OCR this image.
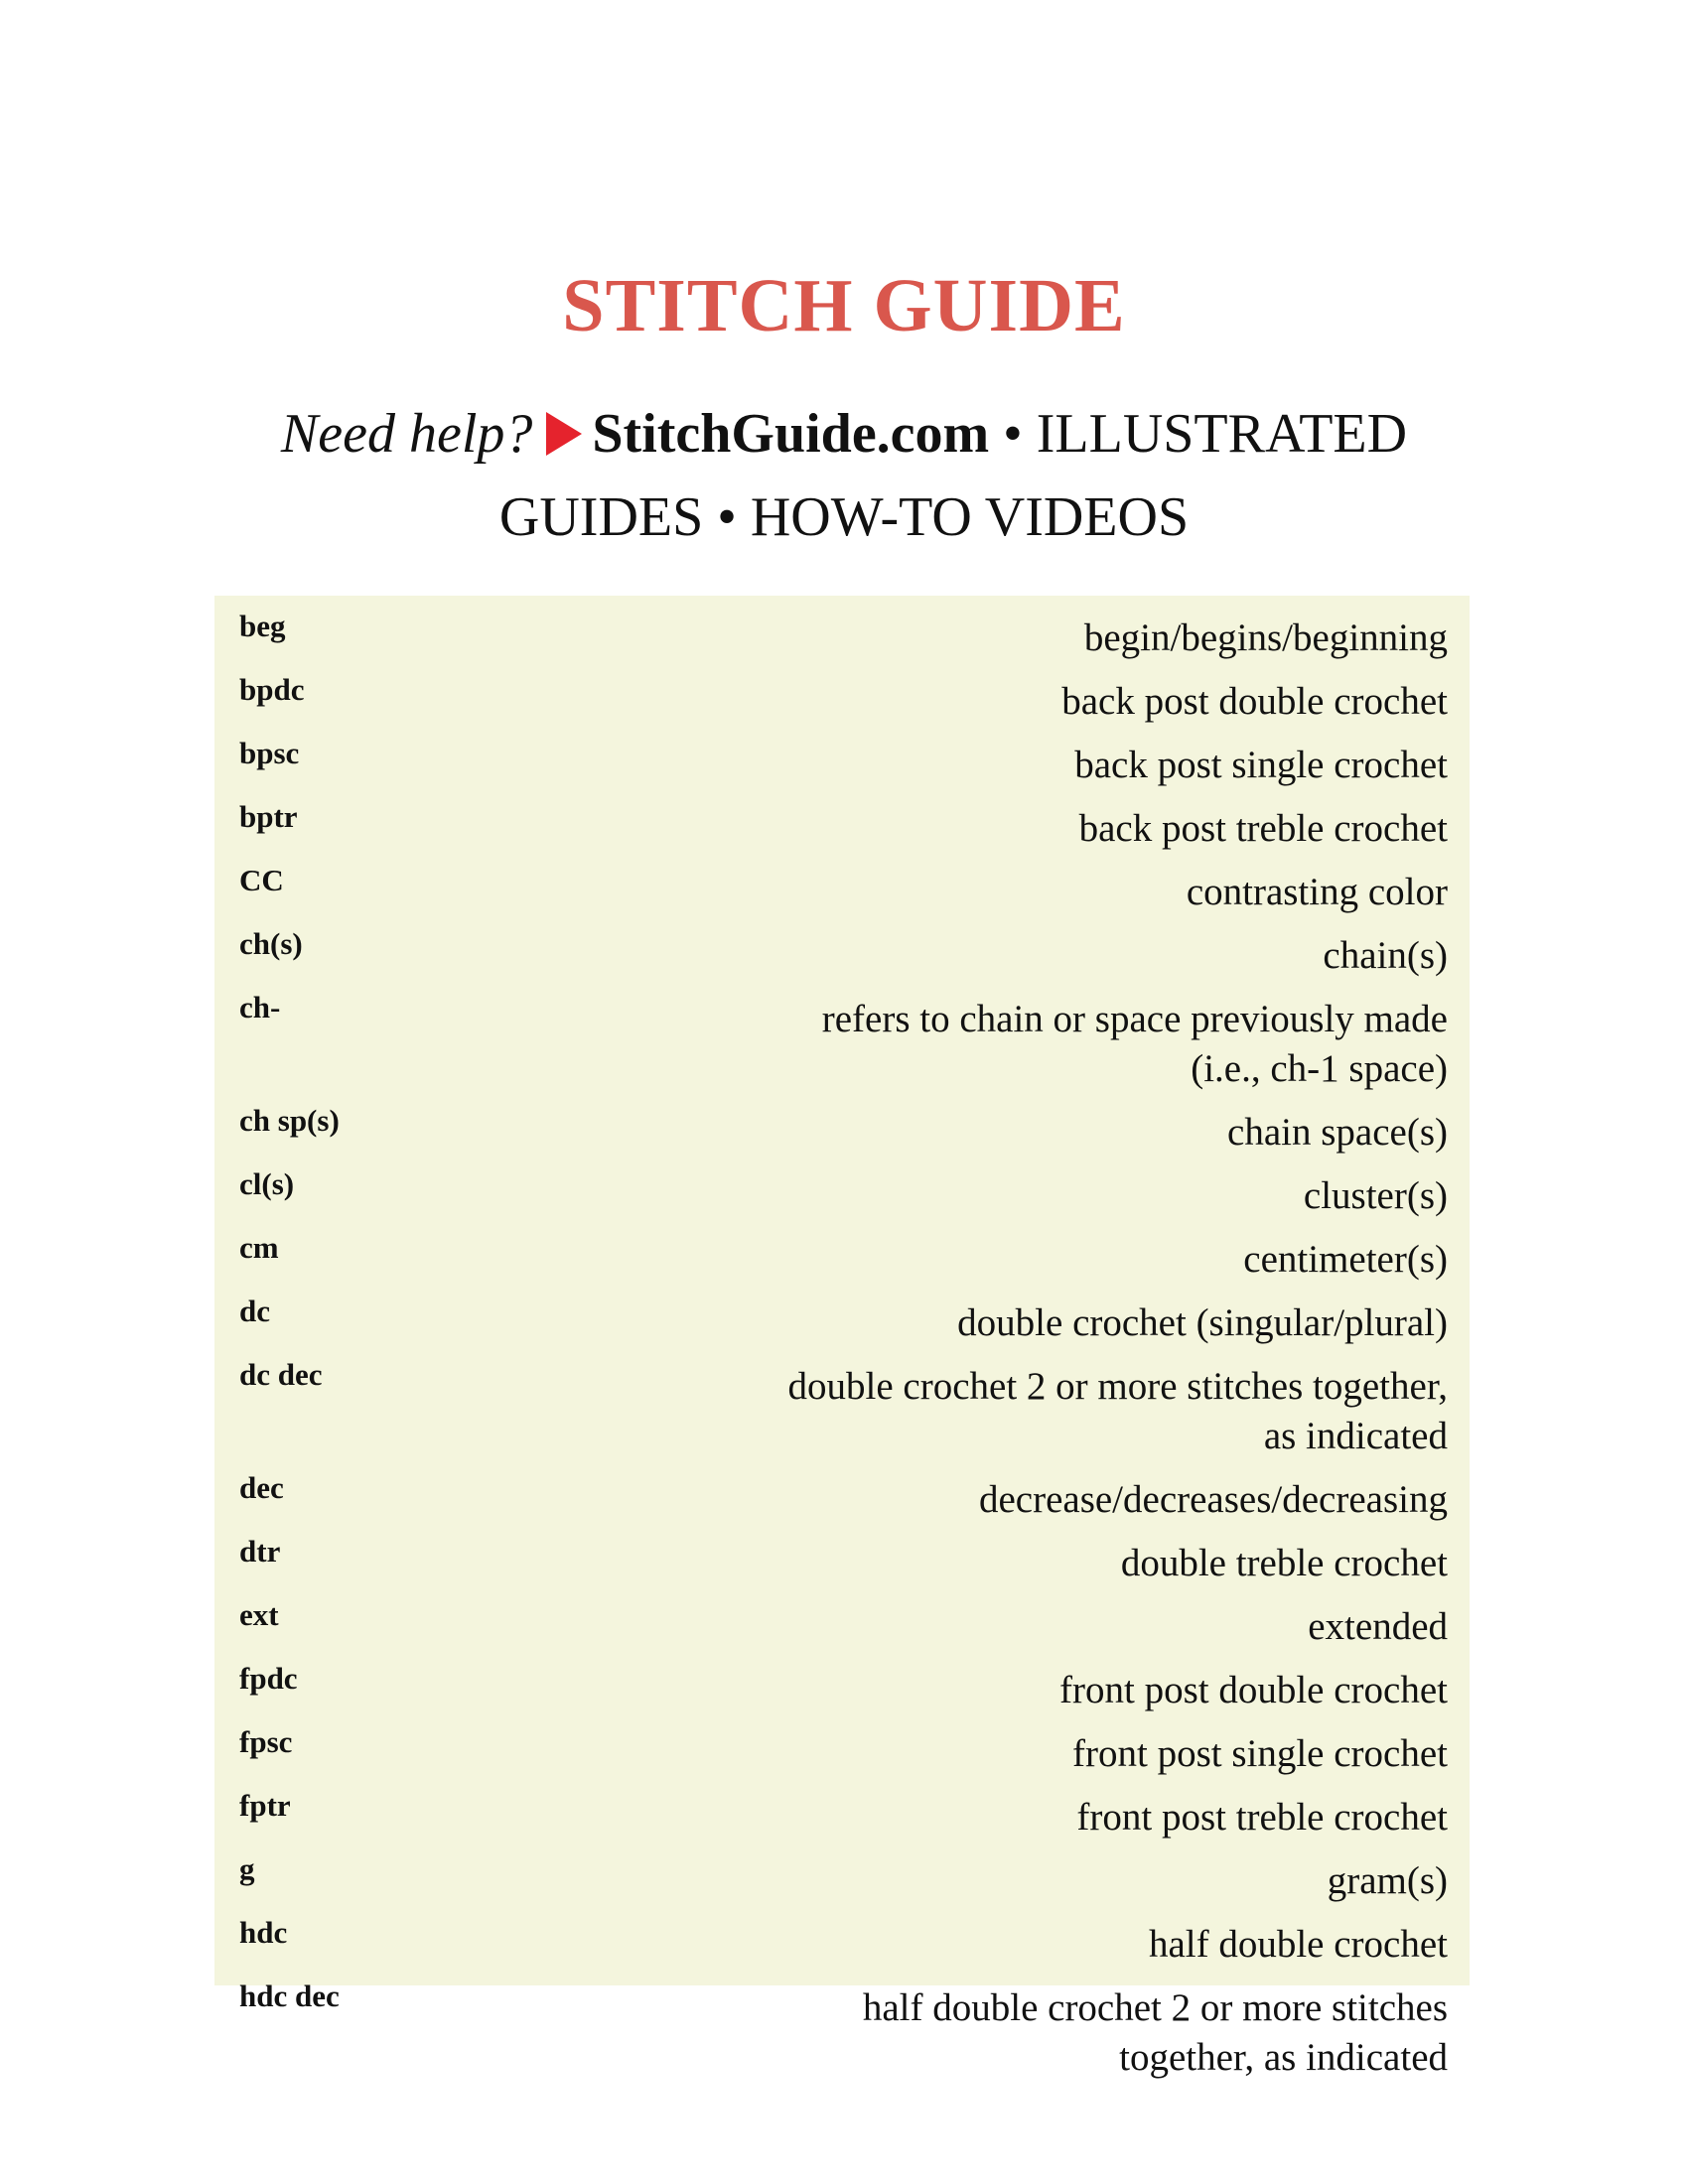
STITCH GUIDE
Need help? StitchGuide.com • ILLUSTRATED
GUIDES • HOW-TO VIDEOS
beg	begin/begins/beginning
bpdc	back post double crochet
bpsc	back post single crochet
bptr	back post treble crochet
CC	contrasting color
ch(s)	chain(s)
ch-	refers to chain or space previously made (i.e., ch-1 space)
ch sp(s)	chain space(s)
cl(s)	cluster(s)
cm	centimeter(s)
dc	double crochet (singular/plural)
dc dec	double crochet 2 or more stitches together, as indicated
dec	decrease/decreases/decreasing
dtr	double treble crochet
ext	extended
fpdc	front post double crochet
fpsc	front post single crochet
fptr	front post treble crochet
g	gram(s)
hdc	half double crochet
hdc dec	half double crochet 2 or more stitches together, as indicated
